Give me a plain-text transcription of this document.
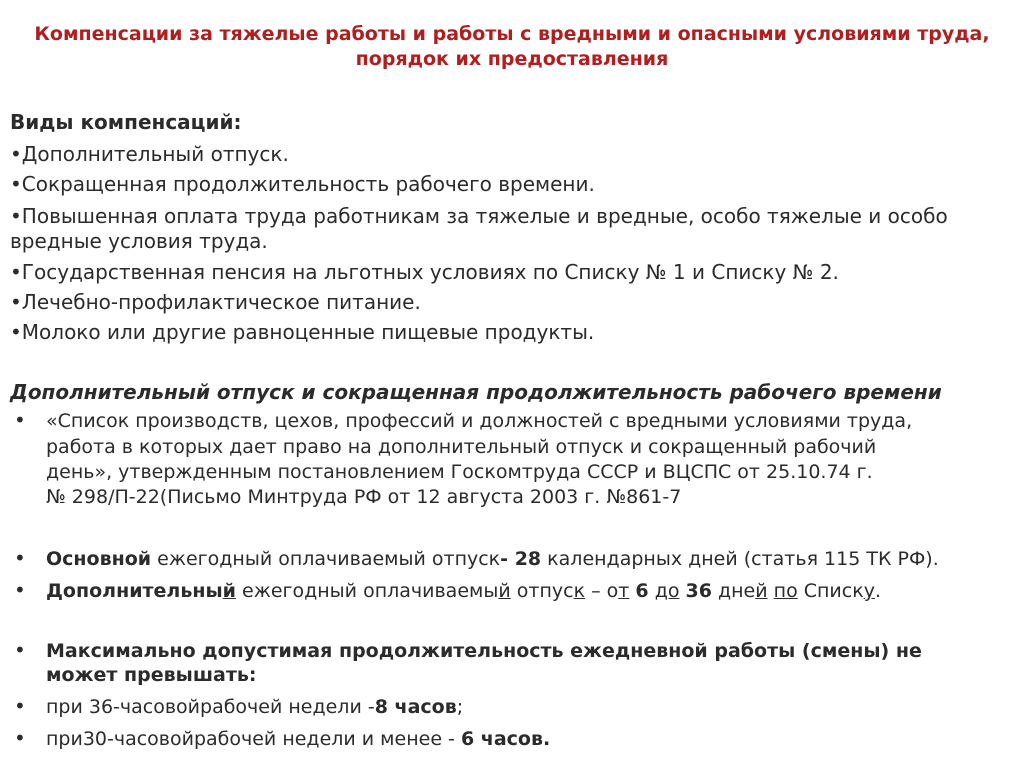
Компенсации за тяжелые работы и работы с вредными и опасными условиями труда,
порядок их предоставления
Виды компенсаций:
•Дополнительный отпуск.
•Сокращенная продолжительность рабочего времени.
•Повышенная оплата труда работникам за тяжелые и вредные, особо тяжелые и особо
вредные условия труда.
•Государственная пенсия на льготных условиях по Списку № 1 и Списку № 2.
•Лечебно-профилактическое питание.
•Молоко или другие равноценные пищевые продукты.
Дополнительный отпуск и сокращенная продолжительность рабочего времени
• «Список производств, цехов, профессий и должностей с вредными условиями труда,
работа в которых дает право на дополнительный отпуск и сокращенный рабочий
день», утвержденным постановлением Госкомтруда СССР и ВЦСПС от 25.10.74 г.
№ 298/П-22(Письмо Минтруда РФ от 12 августа 2003 г. №861-7
• Основной ежегодный оплачиваемый отпуск- 28 календарных дней (статья 115 ТК РФ).
• Дополнительный ежегодный оплачиваемый отпуск – от 6 до 36 дней по Списку.
• Максимально допустимая продолжительность ежедневной работы (смены) не
может превышать:
• при 36-часовойрабочей недели -8 часов;
• при30-часовойрабочей недели и менее - 6 часов.
